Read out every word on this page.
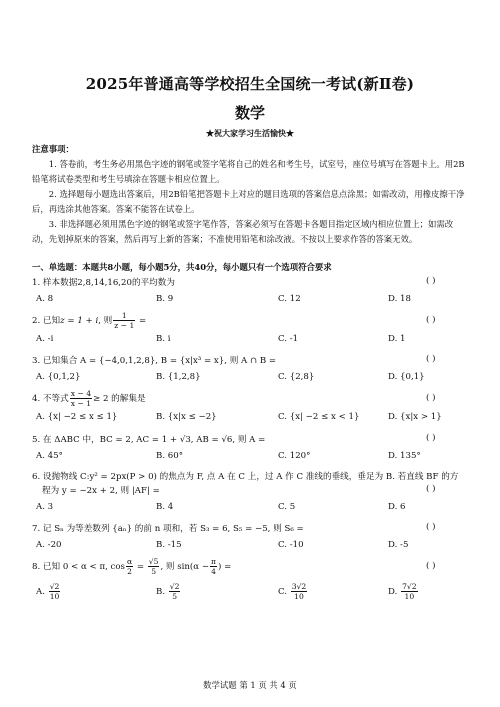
2025年普通高等学校招生全国统一考试(新Ⅱ卷)
数学
★祝大家学习生活愉快★
注意事项：

1. 答卷前，考生务必用黑色字迹的钢笔或签字笔将自己的姓名和考生号，试室号，座位号填写在答题卡上。用2B铅笔将试卷类型和考生号填涂在答题卡相应位置上。

2. 选择题每小题选出答案后，用2B铅笔把答题卡上对应的题目选项的答案信息点涂黑；如需改动，用橡皮擦干净后，再选涂其他答案。答案不能答在试卷上。

3. 非选择题必须用黑色字迹的钢笔或签字笔作答，答案必须写在答题卡各题目指定区域内相应位置上；如需改动，先划掉原来的答案，然后再写上新的答案；不准使用铅笔和涂改液。不按以上要求作答的答案无效。

一、单选题：本题共8小题，每小题5分，共40分，每小题只有一个选项符合要求
1. 样本数据2,8,14,16,20的平均数为	( )
A. 8	B. 9	C. 12	D. 18
2. 已知z = 1 + i, 则 $\frac{1}{z - 1}$ =	( )
A. -i	B. i	C. -1	D. 1
3. 已知集合 A = {−4,0,1,2,8}, B = {x|x³ = x}, 则 A ∩ B =	( )
A. {0,1,2}	B. {1,2,8}	C. {2,8}	D. {0,1}
4. 不等式 $\frac{x - 4}{x - 1} \ge 2$ 的解集是	( )
A. {x| −2 ≤ x ≤ 1}	B. {x|x ≤ −2}	C. {x| −2 ≤ x < 1}	D. {x|x > 1}
5. 在 ΔABC 中，BC = 2, AC = 1 + √3, AB = √6, 则 A =	( )
A. 45°	B. 60°	C. 120°	D. 135°
6. 设抛物线 C:y² = 2px(P > 0) 的焦点为 F, 点 A 在 C 上，过 A 作 C 准线的垂线，垂足为 B. 若直线 BF 的方
程为 y = −2x + 2, 则 |AF| =	( )
A. 3	B. 4	C. 5	D. 6
7. 记 Sₙ 为等差数列 {aₙ} 的前 n 项和，若 S₃ = 6, S₅ = −5, 则 S₆ =	( )
A. -20	B. -15	C. -10	D. -5
8. 已知 0 < α < π, $\cos \frac{\alpha}{2} = \frac{√5}{5}$ , 则 $\sin(\alpha - \frac{\pi}{4}$ ) =	( )
A. $\frac{√2}{10}$	B. $\frac{√2}{5}$	C. $\frac{3√2}{10}$	D. $\frac{7√2}{10}$
数学试题 第 1 页 共 4 页
